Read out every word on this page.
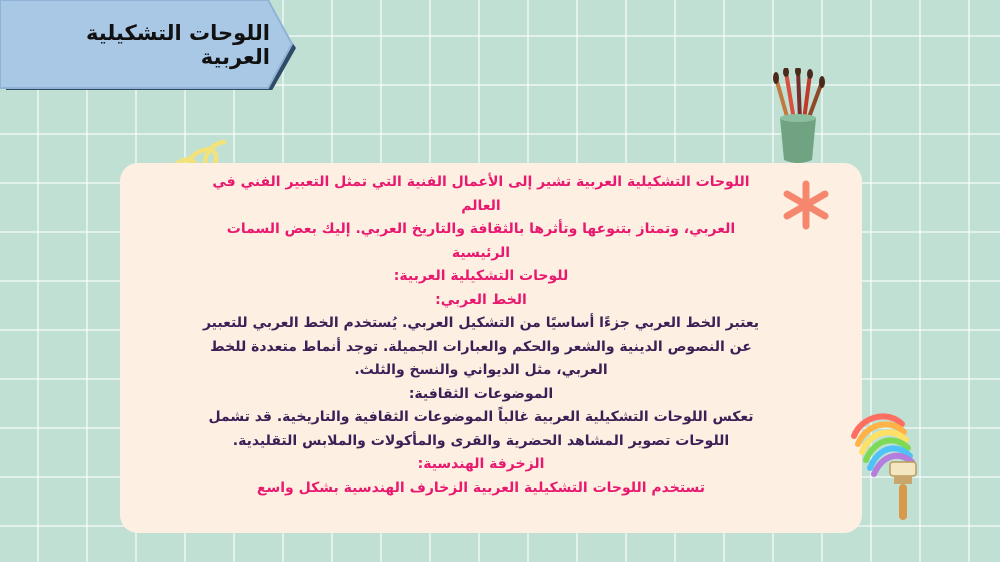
اللوحات التشكيلية العربية

اللوحات التشكيلية العربية تشير إلى الأعمال الفنية التي تمثل التعبير الفني في العالم

العربي، وتمتاز بتنوعها وتأثرها بالثقافة والتاريخ العربي. إليك بعض السمات الرئيسية

للوحات التشكيلية العربية:

الخط العربي:

يعتبر الخط العربي جزءًا أساسيًا من التشكيل العربي. يُستخدم الخط العربي للتعبير

عن النصوص الدينية والشعر والحكم والعبارات الجميلة. توجد أنماط متعددة للخط

العربي، مثل الديواني والنسخ والثلث.

الموضوعات الثقافية:

تعكس اللوحات التشكيلية العربية غالباً الموضوعات الثقافية والتاريخية. قد تشمل

اللوحات تصوير المشاهد الحضرية والقرى والمأكولات والملابس التقليدية.

الزخرفة الهندسية:

تستخدم اللوحات التشكيلية العربية الزخارف الهندسية بشكل واسع
